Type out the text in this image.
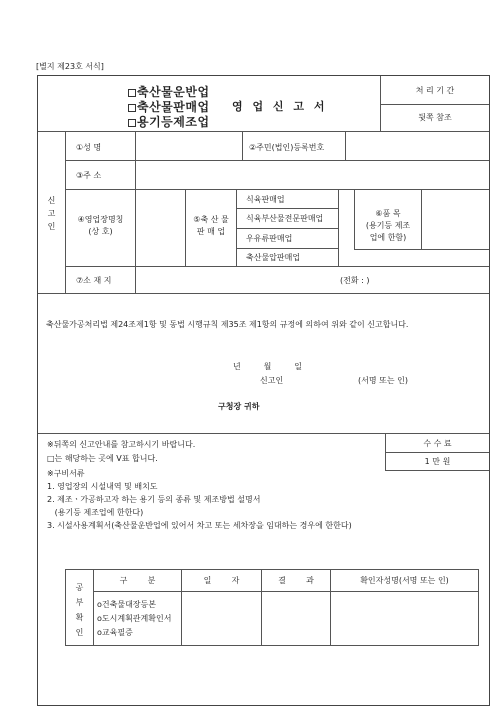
[별지 제23호 서식]
축산물운반업
축산물판매업
용기등제조업
영 업 신 고 서
처 리 기 간
뒷쪽 참조
신
고
인
①성 명	②주민(법인)등록번호
③주 소
④영업장명칭
(상 호)
⑤축 산 물
판 매 업
식육판매업
식육부산물전문판매업
우유류판매업
축산물압판매업
⑥품 목
(용기등 제조
업에 한함)
⑦소 재 지	(전화 : )
축산물가공처리법 제24조제1항 및 동법 시행규칙 제35조 제1항의 규정에 의하여 위와 같이 신고합니다.
년         월         일
신고인	(서명 또는 인)
구청장 귀하
수 수 료
1 만 원
※뒤쪽의 신고안내를 참고하시기 바랍니다.
□는 해당하는 곳에 V표 합니다.
※구비서류
1. 영업장의 시설내역 및 배치도
2. 제조ㆍ가공하고자 하는 용기 등의 종류 및 제조방법 설명서
(용기등 제조업에 한한다)
3. 시설사용계획서(축산물운반업에 있어서 차고 또는 세차장을 임대하는 경우에 한한다)
공
부
확
인
구        분	일        자	결        과	확인자성명(서명 또는 인)
o건축물대장등본
o도시계획관계확인서
o교육필증
